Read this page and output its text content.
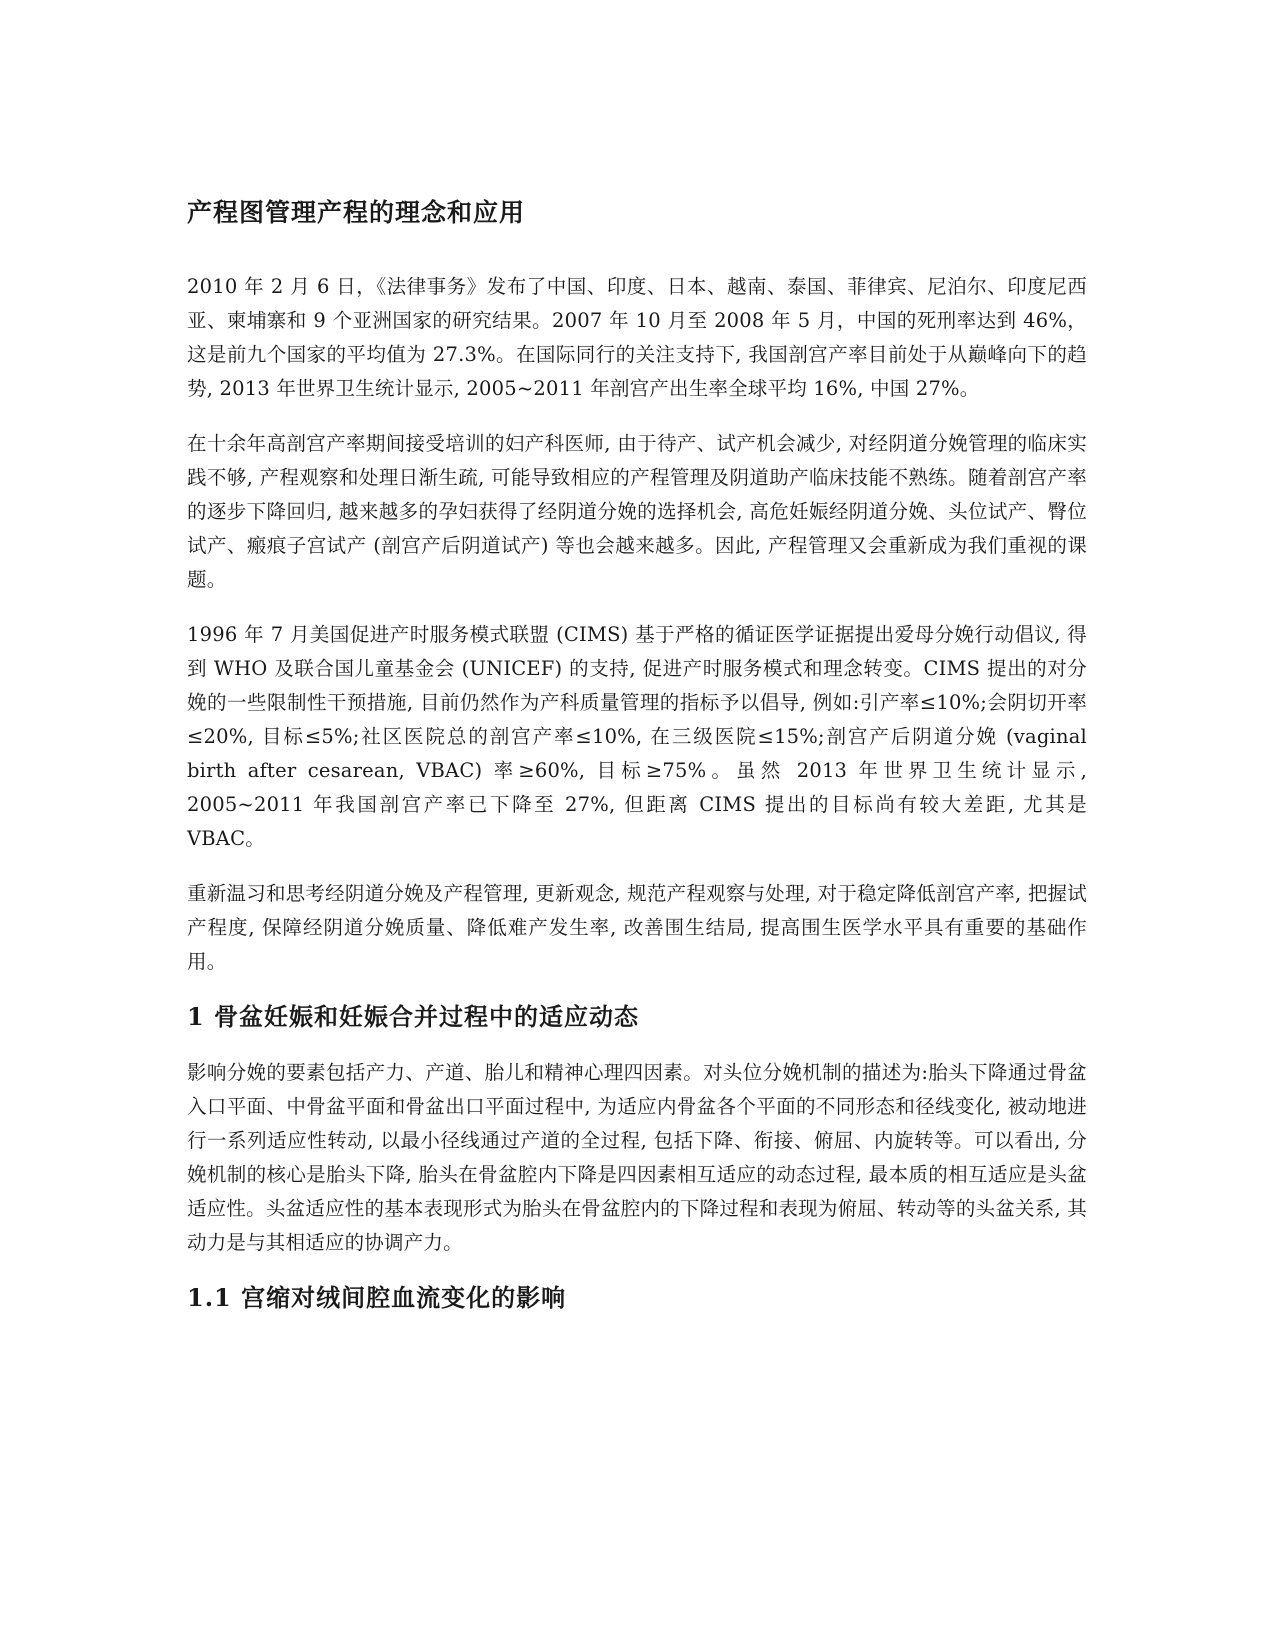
产程图管理产程的理念和应用

2010 年 2 月 6 日，《法律事务》发布了中国、印度、日本、越南、泰国、菲律宾、尼泊尔、印度尼西亚、柬埔寨和 9 个亚洲国家的研究结果。2007 年 10 月至 2008 年 5 月，中国的死刑率达到 46%，这是前九个国家的平均值为 27.3%。在国际同行的关注支持下, 我国剖宫产率目前处于从巅峰向下的趋势, 2013 年世界卫生统计显示, 2005~2011 年剖宫产出生率全球平均 16%, 中国 27%。

在十余年高剖宫产率期间接受培训的妇产科医师, 由于待产、试产机会减少, 对经阴道分娩管理的临床实践不够, 产程观察和处理日渐生疏, 可能导致相应的产程管理及阴道助产临床技能不熟练。随着剖宫产率的逐步下降回归, 越来越多的孕妇获得了经阴道分娩的选择机会, 高危妊娠经阴道分娩、头位试产、臀位试产、瘢痕子宫试产 (剖宫产后阴道试产) 等也会越来越多。因此, 产程管理又会重新成为我们重视的课题。

1996 年 7 月美国促进产时服务模式联盟 (CIMS) 基于严格的循证医学证据提出爱母分娩行动倡议, 得到 WHO 及联合国儿童基金会 (UNICEF) 的支持, 促进产时服务模式和理念转变。CIMS 提出的对分娩的一些限制性干预措施, 目前仍然作为产科质量管理的指标予以倡导, 例如:引产率≤10%;会阴切开率≤20%, 目标≤5%;社区医院总的剖宫产率≤10%, 在三级医院≤15%;剖宫产后阴道分娩 (vaginal birth after cesarean, VBAC) 率≥60%, 目标≥75%。虽然 2013 年世界卫生统计显示, 2005~2011 年我国剖宫产率已下降至 27%, 但距离 CIMS 提出的目标尚有较大差距, 尤其是 VBAC。

重新温习和思考经阴道分娩及产程管理, 更新观念, 规范产程观察与处理, 对于稳定降低剖宫产率, 把握试产程度, 保障经阴道分娩质量、降低难产发生率, 改善围生结局, 提高围生医学水平具有重要的基础作用。

1 骨盆妊娠和妊娠合并过程中的适应动态

影响分娩的要素包括产力、产道、胎儿和精神心理四因素。对头位分娩机制的描述为:胎头下降通过骨盆入口平面、中骨盆平面和骨盆出口平面过程中, 为适应内骨盆各个平面的不同形态和径线变化, 被动地进行一系列适应性转动, 以最小径线通过产道的全过程, 包括下降、衔接、俯屈、内旋转等。可以看出, 分娩机制的核心是胎头下降, 胎头在骨盆腔内下降是四因素相互适应的动态过程, 最本质的相互适应是头盆适应性。头盆适应性的基本表现形式为胎头在骨盆腔内的下降过程和表现为俯屈、转动等的头盆关系, 其动力是与其相适应的协调产力。

1.1 宫缩对绒间腔血流变化的影响
